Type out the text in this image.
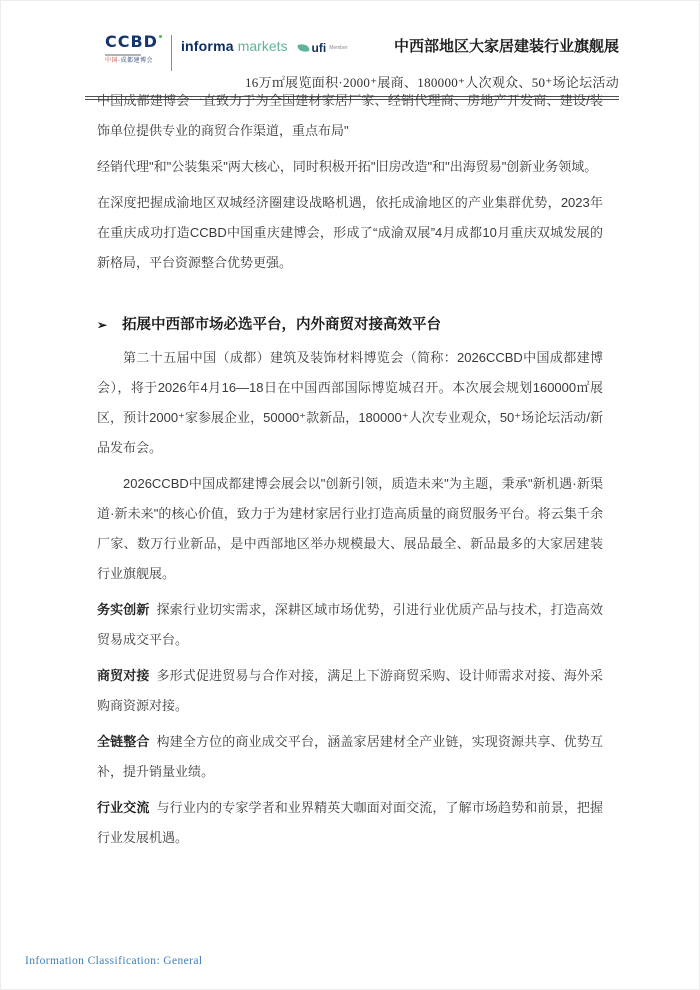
CCBD
中国·成都建博会
informa markets ufi Member	中西部地区大家居建装行业旗舰展
16万㎡展览面积·2000⁺展商、180000⁺人次观众、50⁺场论坛活动

中国成都建博会一直致力于为全国建材家居厂家、经销代理商、房地产开发商、建设/装饰单位提供专业的商贸合作渠道，重点布局"

经销代理"和"公装集采"两大核心，同时积极开拓"旧房改造"和"出海贸易"创新业务领域。

在深度把握成渝地区双城经济圈建设战略机遇，依托成渝地区的产业集群优势，2023年在重庆成功打造CCBD中国重庆建博会，形成了“成渝双展”4月成都10月重庆双城发展的新格局，平台资源整合优势更强。

➢ 拓展中西部市场必选平台，内外商贸对接高效平台

第二十五届中国（成都）建筑及装饰材料博览会（简称：2026CCBD中国成都建博会），将于2026年4月16—18日在中国西部国际博览城召开。本次展会规划160000㎡展区，预计2000⁺家参展企业，50000⁺款新品，180000⁺人次专业观众，50⁺场论坛活动/新品发布会。

2026CCBD中国成都建博会展会以"创新引领，质造未来"为主题，秉承"新机遇·新渠道·新未来"的核心价值，致力于为建材家居行业打造高质量的商贸服务平台。将云集千余厂家、数万行业新品，是中西部地区举办规模最大、展品最全、新品最多的大家居建装行业旗舰展。

务实创新 探索行业切实需求，深耕区域市场优势，引进行业优质产品与技术，打造高效贸易成交平台。

商贸对接 多形式促进贸易与合作对接，满足上下游商贸采购、设计师需求对接、海外采购商资源对接。

全链整合 构建全方位的商业成交平台，涵盖家居建材全产业链，实现资源共享、优势互补，提升销量业绩。

行业交流 与行业内的专家学者和业界精英大咖面对面交流，了解市场趋势和前景，把握行业发展机遇。

Information Classification: General
